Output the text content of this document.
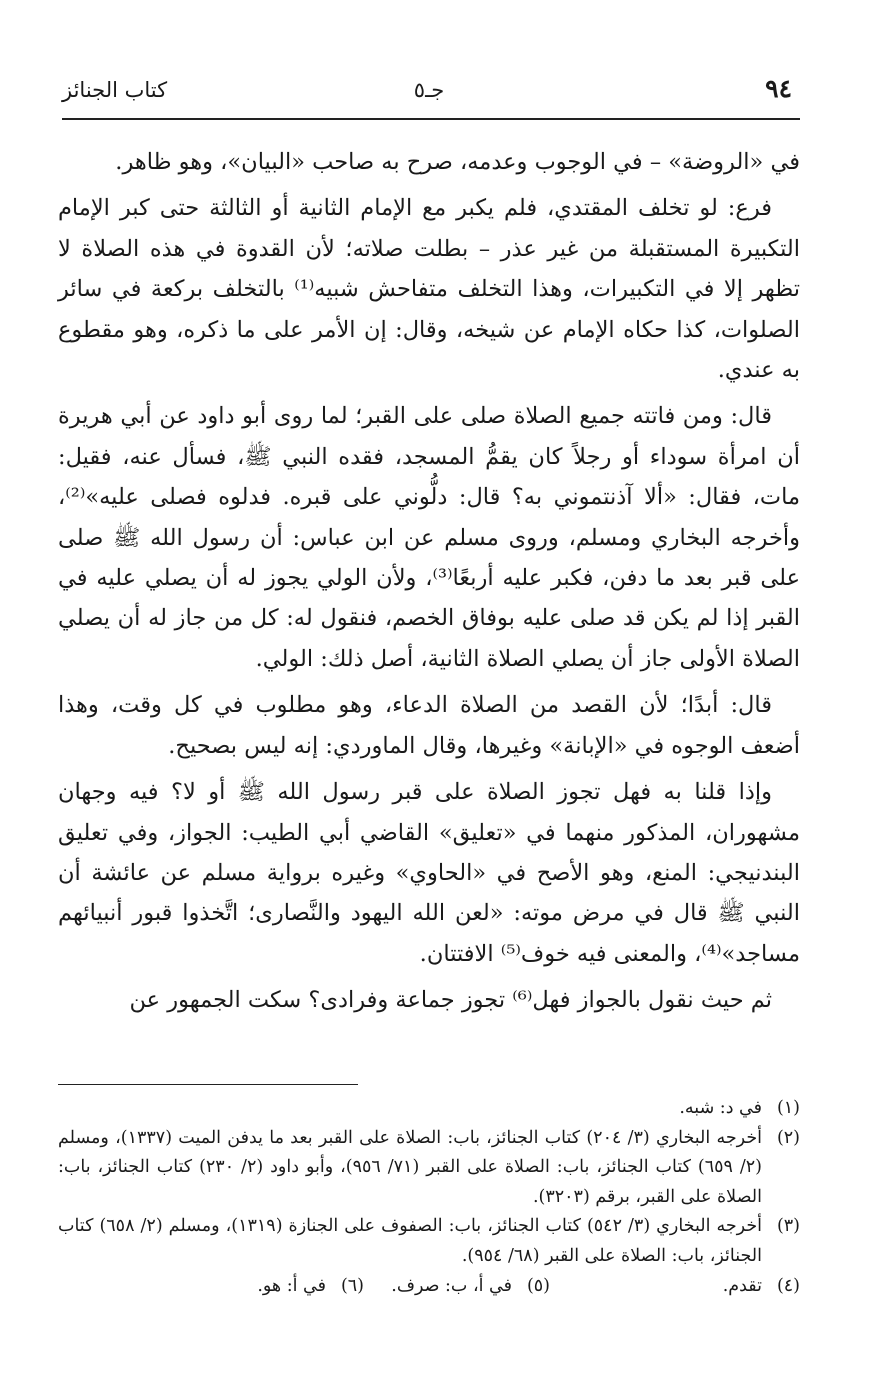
٩٤
جـ٥
كتاب الجنائز

في «الروضة» – في الوجوب وعدمه، صرح به صاحب «البيان»، وهو ظاهر.

فرع: لو تخلف المقتدي، فلم يكبر مع الإمام الثانية أو الثالثة حتى كبر الإمام التكبيرة المستقبلة من غير عذر – بطلت صلاته؛ لأن القدوة في هذه الصلاة لا تظهر إلا في التكبيرات، وهذا التخلف متفاحش شبيه⁽¹⁾ بالتخلف بركعة في سائر الصلوات، كذا حكاه الإمام عن شيخه، وقال: إن الأمر على ما ذكره، وهو مقطوع به عندي.

قال: ومن فاتته جميع الصلاة صلى على القبر؛ لما روى أبو داود عن أبي هريرة أن امرأة سوداء أو رجلاً كان يقمُّ المسجد، فقده النبي ﷺ، فسأل عنه، فقيل: مات، فقال: «ألا آذنتموني به؟ قال: دلُّوني على قبره. فدلوه فصلى عليه»⁽²⁾، وأخرجه البخاري ومسلم، وروى مسلم عن ابن عباس: أن رسول الله ﷺ صلى على قبر بعد ما دفن، فكبر عليه أربعًا⁽³⁾، ولأن الولي يجوز له أن يصلي عليه في القبر إذا لم يكن قد صلى عليه بوفاق الخصم، فنقول له: كل من جاز له أن يصلي الصلاة الأولى جاز أن يصلي الصلاة الثانية، أصل ذلك: الولي.

قال: أبدًا؛ لأن القصد من الصلاة الدعاء، وهو مطلوب في كل وقت، وهذا أضعف الوجوه في «الإبانة» وغيرها، وقال الماوردي: إنه ليس بصحيح.

وإذا قلنا به فهل تجوز الصلاة على قبر رسول الله ﷺ أو لا؟ فيه وجهان مشهوران، المذكور منهما في «تعليق» القاضي أبي الطيب: الجواز، وفي تعليق البندنيجي: المنع، وهو الأصح في «الحاوي» وغيره برواية مسلم عن عائشة أن النبي ﷺ قال في مرض موته: «لعن الله اليهود والنَّصارى؛ اتَّخذوا قبور أنبيائهم مساجد»⁽⁴⁾، والمعنى فيه خوف⁽⁵⁾ الافتتان.

ثم حيث نقول بالجواز فهل⁽⁶⁾ تجوز جماعة وفرادى؟ سكت الجمهور عن

(١)
في د: شبه.
(٢)
أخرجه البخاري (٣/ ٢٠٤) كتاب الجنائز، باب: الصلاة على القبر بعد ما يدفن الميت (١٣٣٧)، ومسلم (٢/ ٦٥٩) كتاب الجنائز، باب: الصلاة على القبر (٧١/ ٩٥٦)، وأبو داود (٢/ ٢٣٠) كتاب الجنائز، باب: الصلاة على القبر، برقم (٣٢٠٣).
(٣)
أخرجه البخاري (٣/ ٥٤٢) كتاب الجنائز، باب: الصفوف على الجنازة (١٣١٩)، ومسلم (٢/ ٦٥٨) كتاب الجنائز، باب: الصلاة على القبر (٦٨/ ٩٥٤).
(٤)
تقدم.
(٥)
في أ، ب: صرف.
(٦)
في أ: هو.
